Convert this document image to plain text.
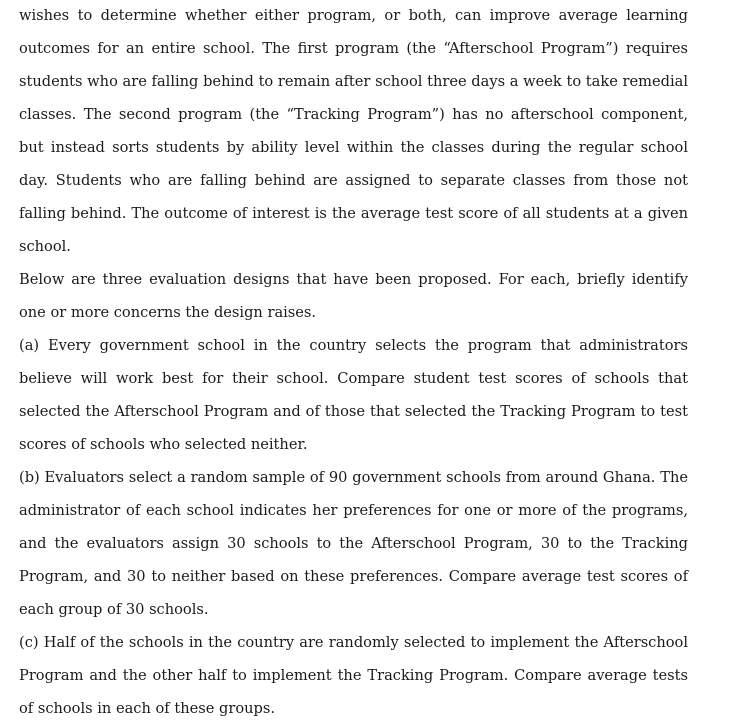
wishes to determine whether either program, or both, can improve average learning outcomes for an entire school. The first program (the “Afterschool Program”) requires students who are falling behind to remain after school three days a week to take remedial classes. The second program (the “Tracking Program”) has no afterschool component, but instead sorts students by ability level within the classes during the regular school day. Students who are falling behind are assigned to separate classes from those not falling behind. The outcome of interest is the average test score of all students at a given school.

Below are three evaluation designs that have been proposed. For each, briefly identify one or more concerns the design raises.

(a) Every government school in the country selects the program that administrators believe will work best for their school. Compare student test scores of schools that selected the Afterschool Program and of those that selected the Tracking Program to test scores of schools who selected neither.

(b) Evaluators select a random sample of 90 government schools from around Ghana. The administrator of each school indicates her preferences for one or more of the programs, and the evaluators assign 30 schools to the Afterschool Program, 30 to the Tracking Program, and 30 to neither based on these preferences. Compare average test scores of each group of 30 schools.

(c) Half of the schools in the country are randomly selected to implement the Afterschool Program and the other half to implement the Tracking Program. Compare average tests of schools in each of these groups.
